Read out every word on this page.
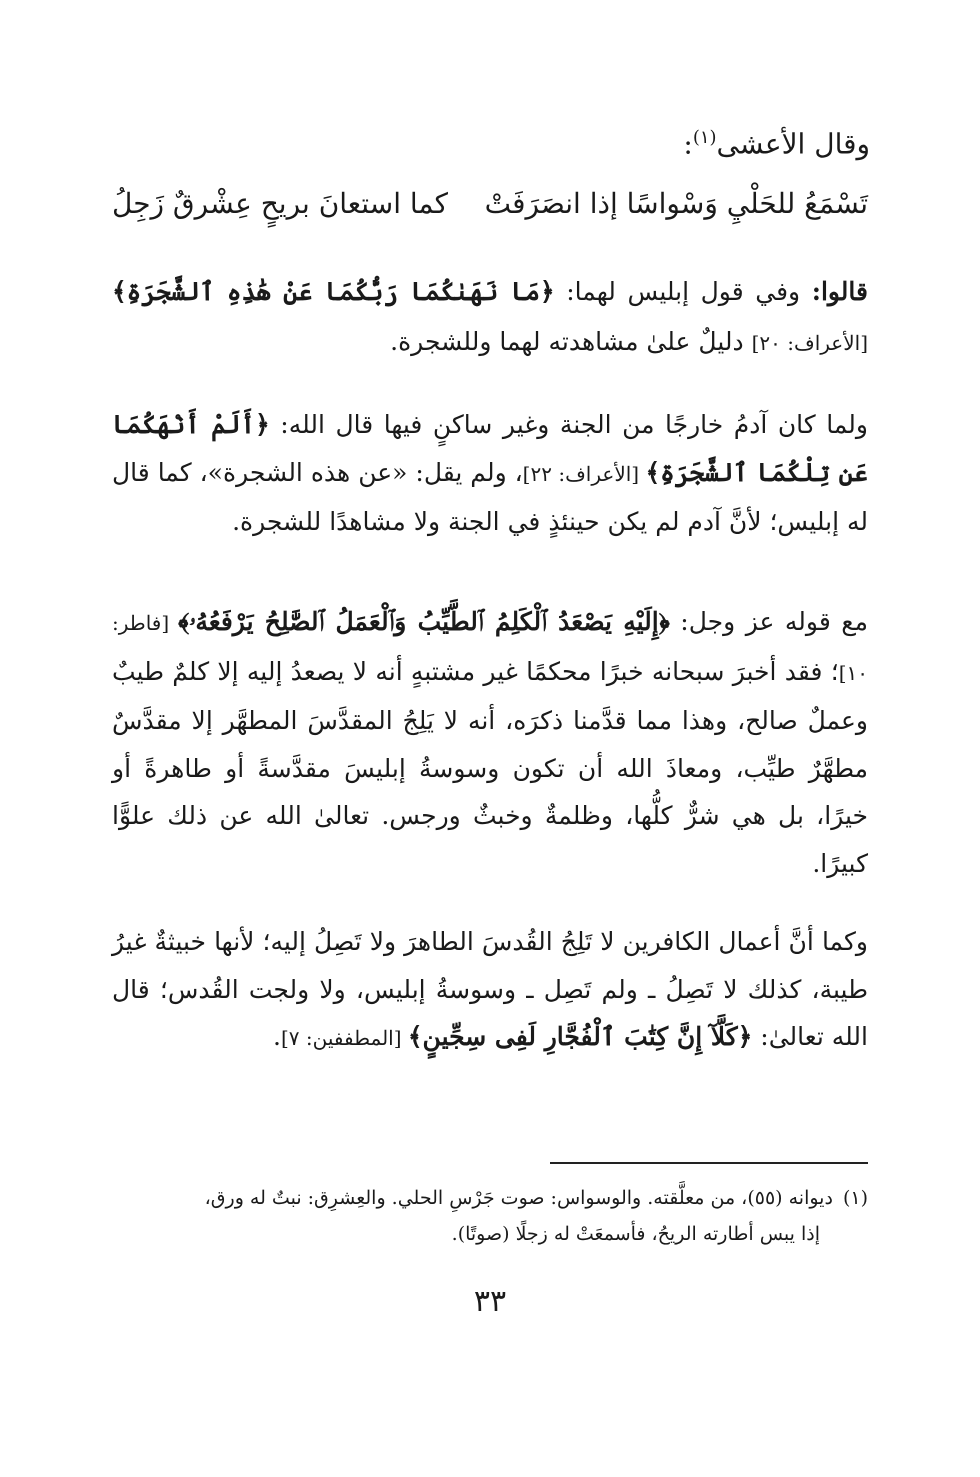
وقال الأعشى$^{(١)}$:
تَسْمَعُ للحَلْيِ وَسْواسًا إذا انصَرَفَتْ
كما استعانَ بريحٍ عِشْرقٌ زَجِلُ
قالوا: وفي قول إبليس لهما: ﴿مَا نَهَىٰكُمَا رَبُّكُمَا عَنْ هَٰذِهِ ٱلشَّجَرَةِ﴾ [الأعراف: ٢٠] دليلٌ علىٰ مشاهدته لهما وللشجرة.
ولما كان آدمُ خارجًا من الجنة وغير ساكنٍ فيها قال الله: ﴿أَلَمْ أَنْهَكُمَا عَن تِلْكُمَا ٱلشَّجَرَةِ﴾ [الأعراف: ٢٢]، ولم يقل: «عن هذه الشجرة»، كما قال له إبليس؛ لأنَّ آدم لم يكن حينئذٍ في الجنة ولا مشاهدًا للشجرة.
مع قوله عز وجل: ﴿إِلَيْهِ يَصْعَدُ ٱلْكَلِمُ ٱلطَّيِّبُ وَٱلْعَمَلُ ٱلصَّٰلِحُ يَرْفَعُهُۥ﴾ [فاطر: ١٠]؛ فقد أخبرَ سبحانه خبرًا محكمًا غير مشتبهٍ أنه لا يصعدُ إليه إلا كلمٌ طيبٌ وعملٌ صالح، وهذا مما قدَّمنا ذكرَه، أنه لا يَلِجُ المقدَّسَ المطهَّر إلا مقدَّسٌ مطهَّرٌ طيِّب، ومعاذَ الله أن تكون وسوسةُ إبليسَ مقدَّسةً أو طاهرةً أو خيرًا، بل هي شرٌّ كلُّها، وظلمةٌ وخبثٌ ورجس. تعالىٰ الله عن ذلك علوًّا كبيرًا.
وكما أنَّ أعمال الكافرين لا تَلِجُ القُدسَ الطاهرَ ولا تَصِلُ إليه؛ لأنها خبيثةٌ غيرُ طيبة، كذلك لا تَصِلُ ـ ولم تَصِل ـ وسوسةُ إبليس، ولا ولجت القُدس؛ قال الله تعالىٰ: ﴿كَلَّآ إِنَّ كِتَٰبَ ٱلْفُجَّارِ لَفِى سِجِّينٍ﴾ [المطففين: ٧].
(١)ديوانه (٥٥)، من معلَّقته. والوسواس: صوت جَرْسِ الحلي. والعِشرِق: نبتٌ له ورق،
إذا يبس أطارته الريحُ، فأسمعَتْ له زجلًا (صوتًا).
٣٣
